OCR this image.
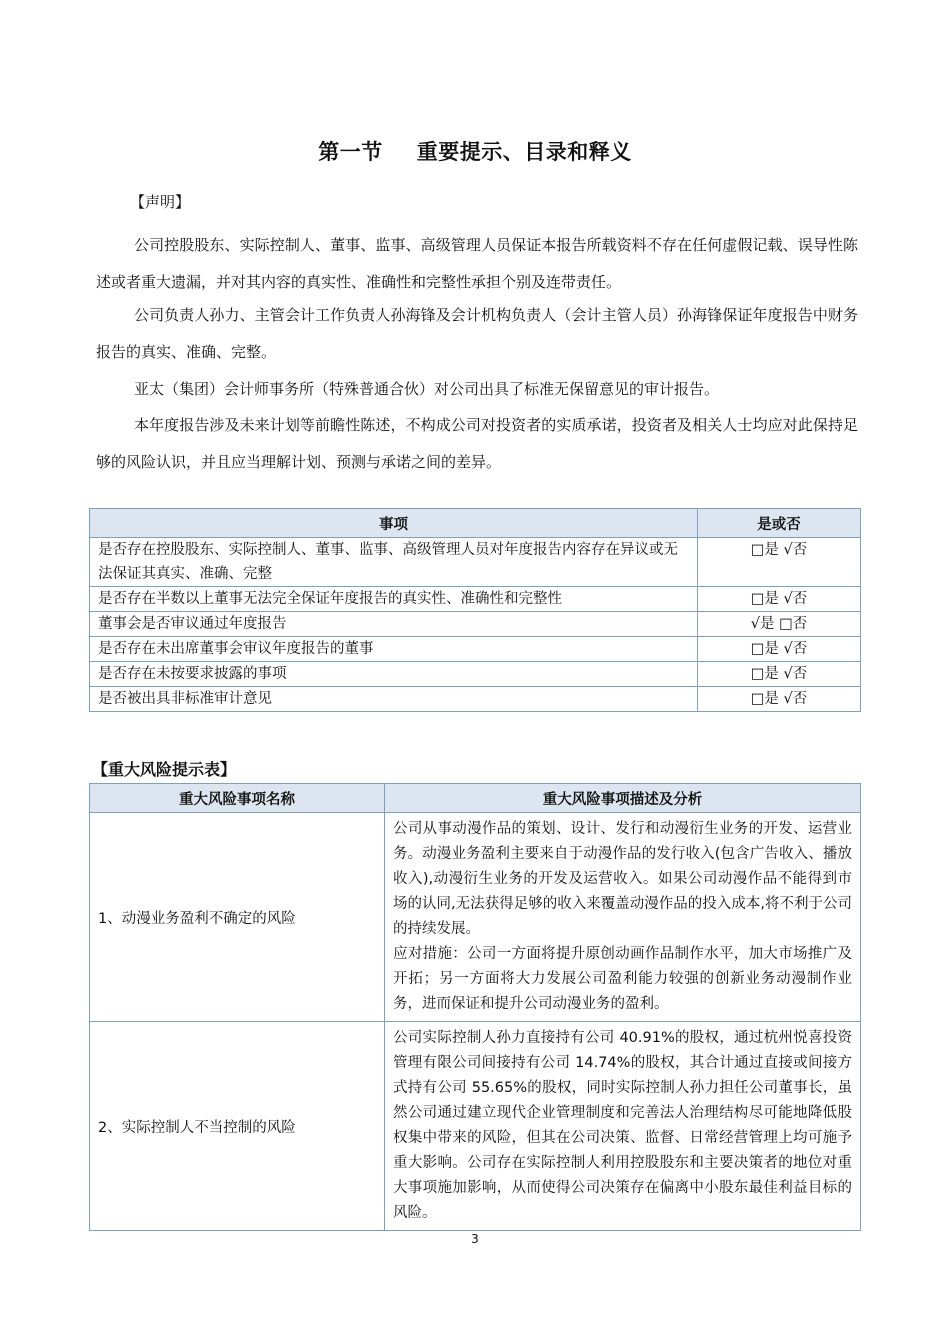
第一节 重要提示、目录和释义
【声明】

公司控股股东、实际控制人、董事、监事、高级管理人员保证本报告所载资料不存在任何虚假记载、误导性陈述或者重大遗漏，并对其内容的真实性、准确性和完整性承担个别及连带责任。

公司负责人孙力、主管会计工作负责人孙海锋及会计机构负责人（会计主管人员）孙海锋保证年度报告中财务报告的真实、准确、完整。

亚太（集团）会计师事务所（特殊普通合伙）对公司出具了标准无保留意见的审计报告。

本年度报告涉及未来计划等前瞻性陈述，不构成公司对投资者的实质承诺，投资者及相关人士均应对此保持足够的风险认识，并且应当理解计划、预测与承诺之间的差异。

事项	是或否
是否存在控股股东、实际控制人、董事、监事、高级管理人员对年度报告内容存在异议或无法保证其真实、准确、完整	□是 √否
是否存在半数以上董事无法完全保证年度报告的真实性、准确性和完整性	□是 √否
董事会是否审议通过年度报告	√是 □否
是否存在未出席董事会审议年度报告的董事	□是 √否
是否存在未按要求披露的事项	□是 √否
是否被出具非标准审计意见	□是 √否
【重大风险提示表】
重大风险事项名称	重大风险事项描述及分析
1、动漫业务盈利不确定的风险	公司从事动漫作品的策划、设计、发行和动漫衍生业务的开发、运营业务。动漫业务盈利主要来自于动漫作品的发行收入(包含广告收入、播放收入),动漫衍生业务的开发及运营收入。如果公司动漫作品不能得到市场的认同,无法获得足够的收入来覆盖动漫作品的投入成本,将不利于公司的持续发展。
应对措施：公司一方面将提升原创动画作品制作水平，加大市场推广及开拓；另一方面将大力发展公司盈利能力较强的创新业务动漫制作业务，进而保证和提升公司动漫业务的盈利。

2、实际控制人不当控制的风险	公司实际控制人孙力直接持有公司 40.91%的股权，通过杭州悦喜投资管理有限公司间接持有公司 14.74%的股权，其合计通过直接或间接方式持有公司 55.65%的股权，同时实际控制人孙力担任公司董事长，虽然公司通过建立现代企业管理制度和完善法人治理结构尽可能地降低股权集中带来的风险，但其在公司决策、监督、日常经营管理上均可施予重大影响。公司存在实际控制人利用控股股东和主要决策者的地位对重大事项施加影响，从而使得公司决策存在偏离中小股东最佳利益目标的风险。
3
